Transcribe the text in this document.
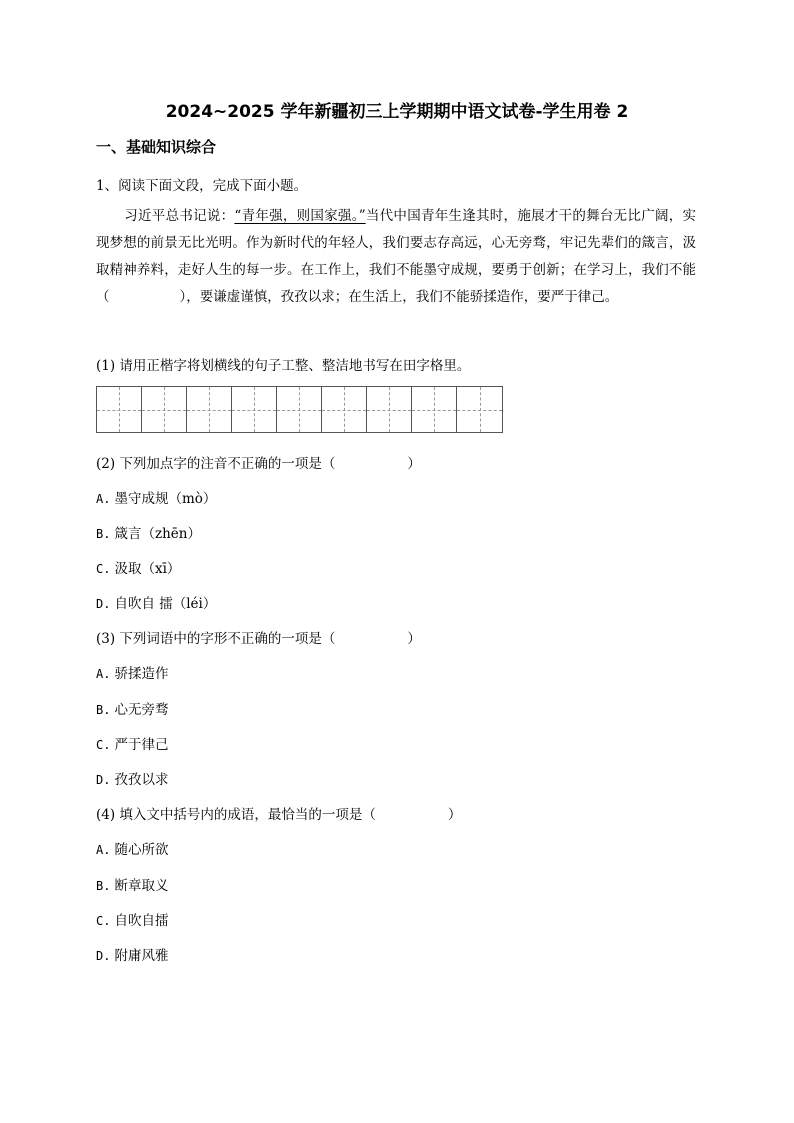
2024~2025 学年新疆初三上学期期中语文试卷-学生用卷 2
一、基础知识综合
1、阅读下面文段，完成下面小题。
习近平总书记说：“青年强，则国家强。”当代中国青年生逢其时，施展才干的舞台无比广阔，实现梦想的前景无比光明。作为新时代的年轻人，我们要志存高远，心无旁骛，牢记先辈们的箴言，汲取精神养料，走好人生的每一步。在工作上，我们不能墨守成规，要勇于创新；在学习上，我们不能（	），要谦虚谨慎，孜孜以求；在生活上，我们不能骄揉造作，要严于律己。
(1) 请用正楷字将划横线的句子工整、整洁地书写在田字格里。
(2) 下列加点字的注音不正确的一项是（	）
A. 墨守成规（mò）
B. 箴言（zhēn）
C. 汲取（xī）
D. 自吹自 擂（léi）
(3) 下列词语中的字形不正确的一项是（	）
A. 骄揉造作
B. 心无旁骛
C. 严于律己
D. 孜孜以求
(4) 填入文中括号内的成语，最恰当的一项是（	）
A. 随心所欲
B. 断章取义
C. 自吹自擂
D. 附庸风雅
